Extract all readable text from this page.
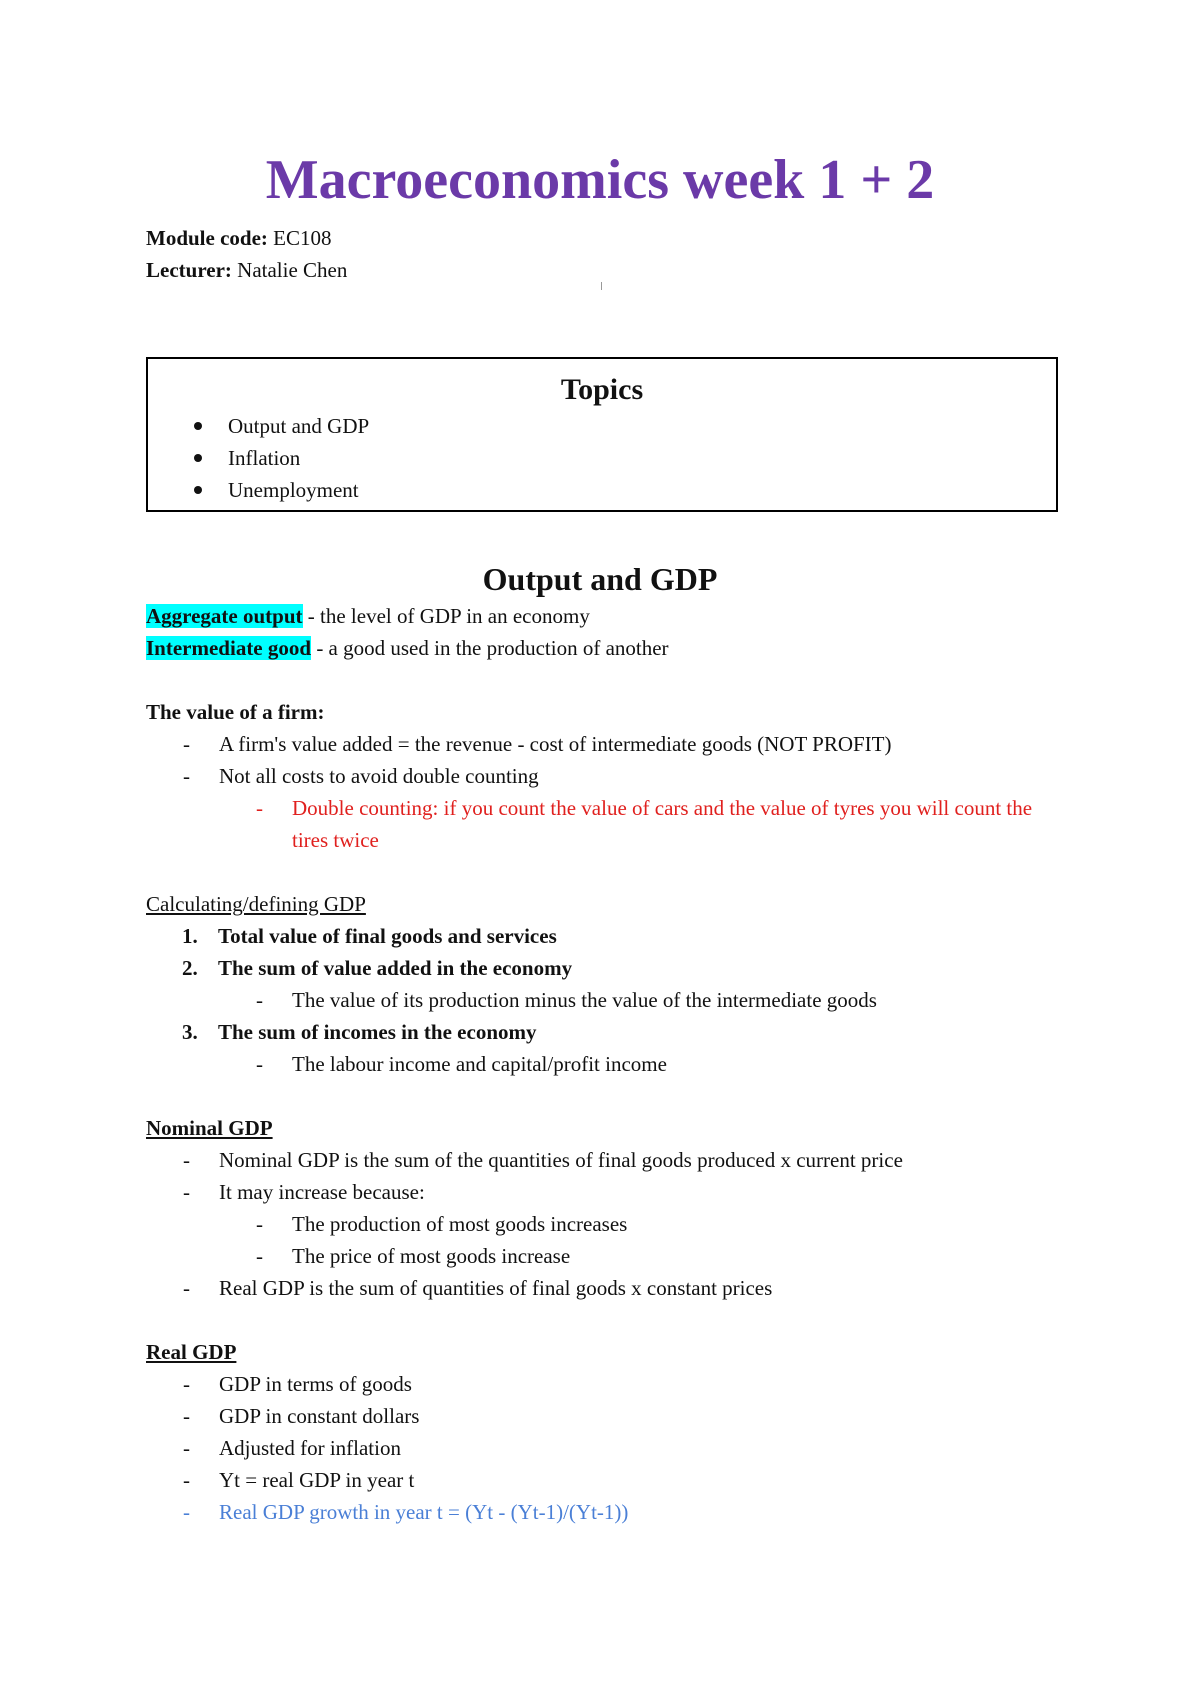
Macroeconomics week 1 + 2
Module code: EC108
Lecturer: Natalie Chen
Topics
Output and GDP
Inflation
Unemployment
Output and GDP
Aggregate output - the level of GDP in an economy
Intermediate good - a good used in the production of another
The value of a firm:
-	A firm's value added = the revenue - cost of intermediate goods (NOT PROFIT)
-	Not all costs to avoid double counting
-	Double counting: if you count the value of cars and the value of tyres you will count the tires twice
Calculating/defining GDP
1. Total value of final goods and services
2. The sum of value added in the economy
-	The value of its production minus the value of the intermediate goods
3. The sum of incomes in the economy
-	The labour income and capital/profit income
Nominal GDP
-	Nominal GDP is the sum of the quantities of final goods produced x current price
-	It may increase because:
-	The production of most goods increases
-	The price of most goods increase
-	Real GDP is the sum of quantities of final goods x constant prices
Real GDP
-	GDP in terms of goods
-	GDP in constant dollars
-	Adjusted for inflation
-	Yt = real GDP in year t
-	Real GDP growth in year t = (Yt - (Yt-1)/(Yt-1))
